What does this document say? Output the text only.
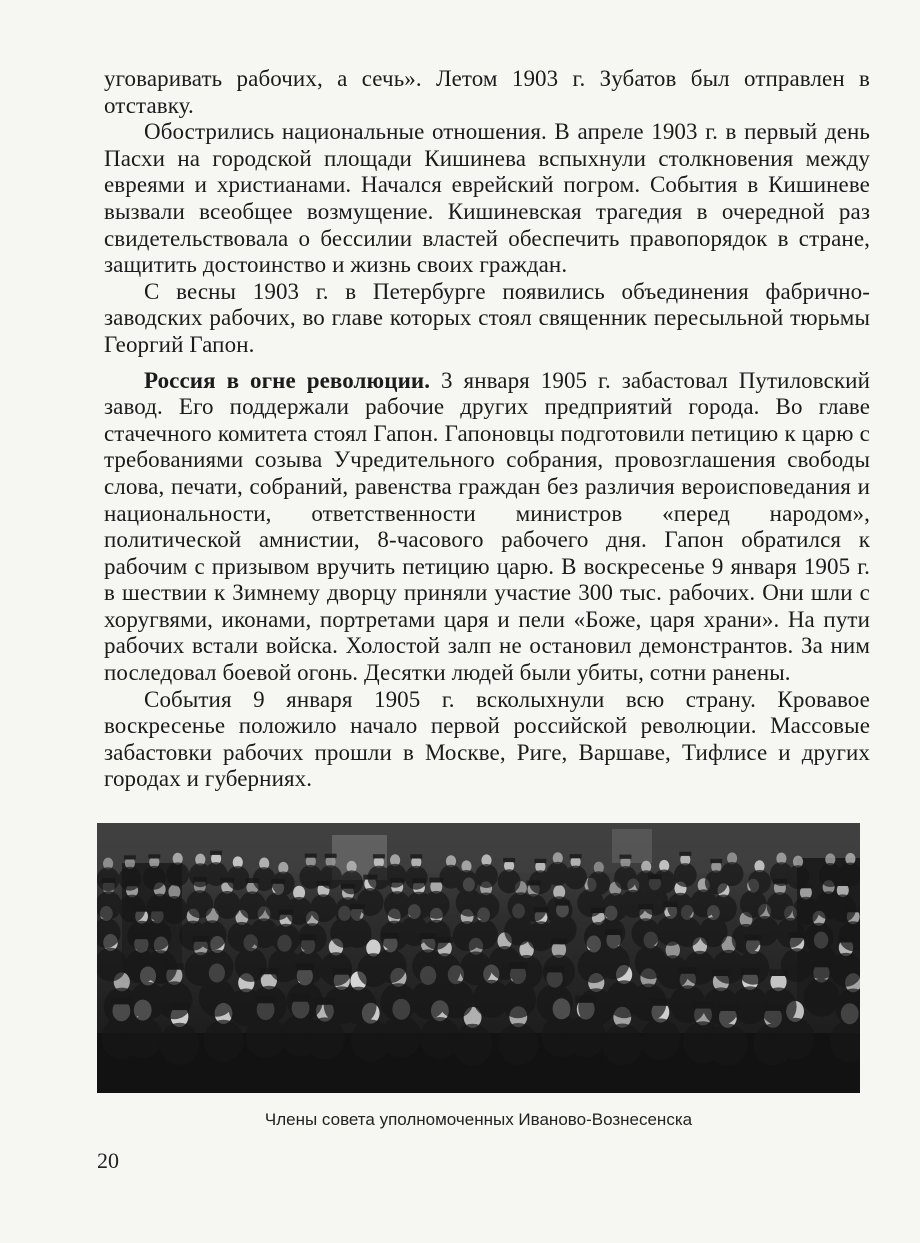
уговаривать рабочих, а сечь». Летом 1903 г. Зубатов был отправлен в отставку.

Обострились национальные отношения. В апреле 1903 г. в первый день Пасхи на городской площади Кишинева вспыхнули столкновения между евреями и христианами. Начался еврейский погром. События в Кишиневе вызвали всеобщее возмущение. Кишиневская трагедия в очередной раз свидетельствовала о бессилии властей обеспечить правопорядок в стране, защитить достоинство и жизнь своих граждан.

С весны 1903 г. в Петербурге появились объединения фабрично-заводских рабочих, во главе которых стоял священник пересыльной тюрьмы Георгий Гапон.

Россия в огне революции. 3 января 1905 г. забастовал Путиловский завод. Его поддержали рабочие других предприятий города. Во главе стачечного комитета стоял Гапон. Гапоновцы подготовили петицию к царю с требованиями созыва Учредительного собрания, провозглашения свободы слова, печати, собраний, равенства граждан без различия вероисповедания и национальности, ответственности министров «перед народом», политической амнистии, 8-часового рабочего дня. Гапон обратился к рабочим с призывом вручить петицию царю. В воскресенье 9 января 1905 г. в шествии к Зимнему дворцу приняли участие 300 тыс. рабочих. Они шли с хоругвями, иконами, портретами царя и пели «Боже, царя храни». На пути рабочих встали войска. Холостой залп не остановил демонстрантов. За ним последовал боевой огонь. Десятки людей были убиты, сотни ранены.

События 9 января 1905 г. всколыхнули всю страну. Кровавое воскресенье положило начало первой российской революции. Массовые забастовки рабочих прошли в Москве, Риге, Варшаве, Тифлисе и других городах и губерниях.

Члены совета уполномоченных Иваново-Вознесенска
20
